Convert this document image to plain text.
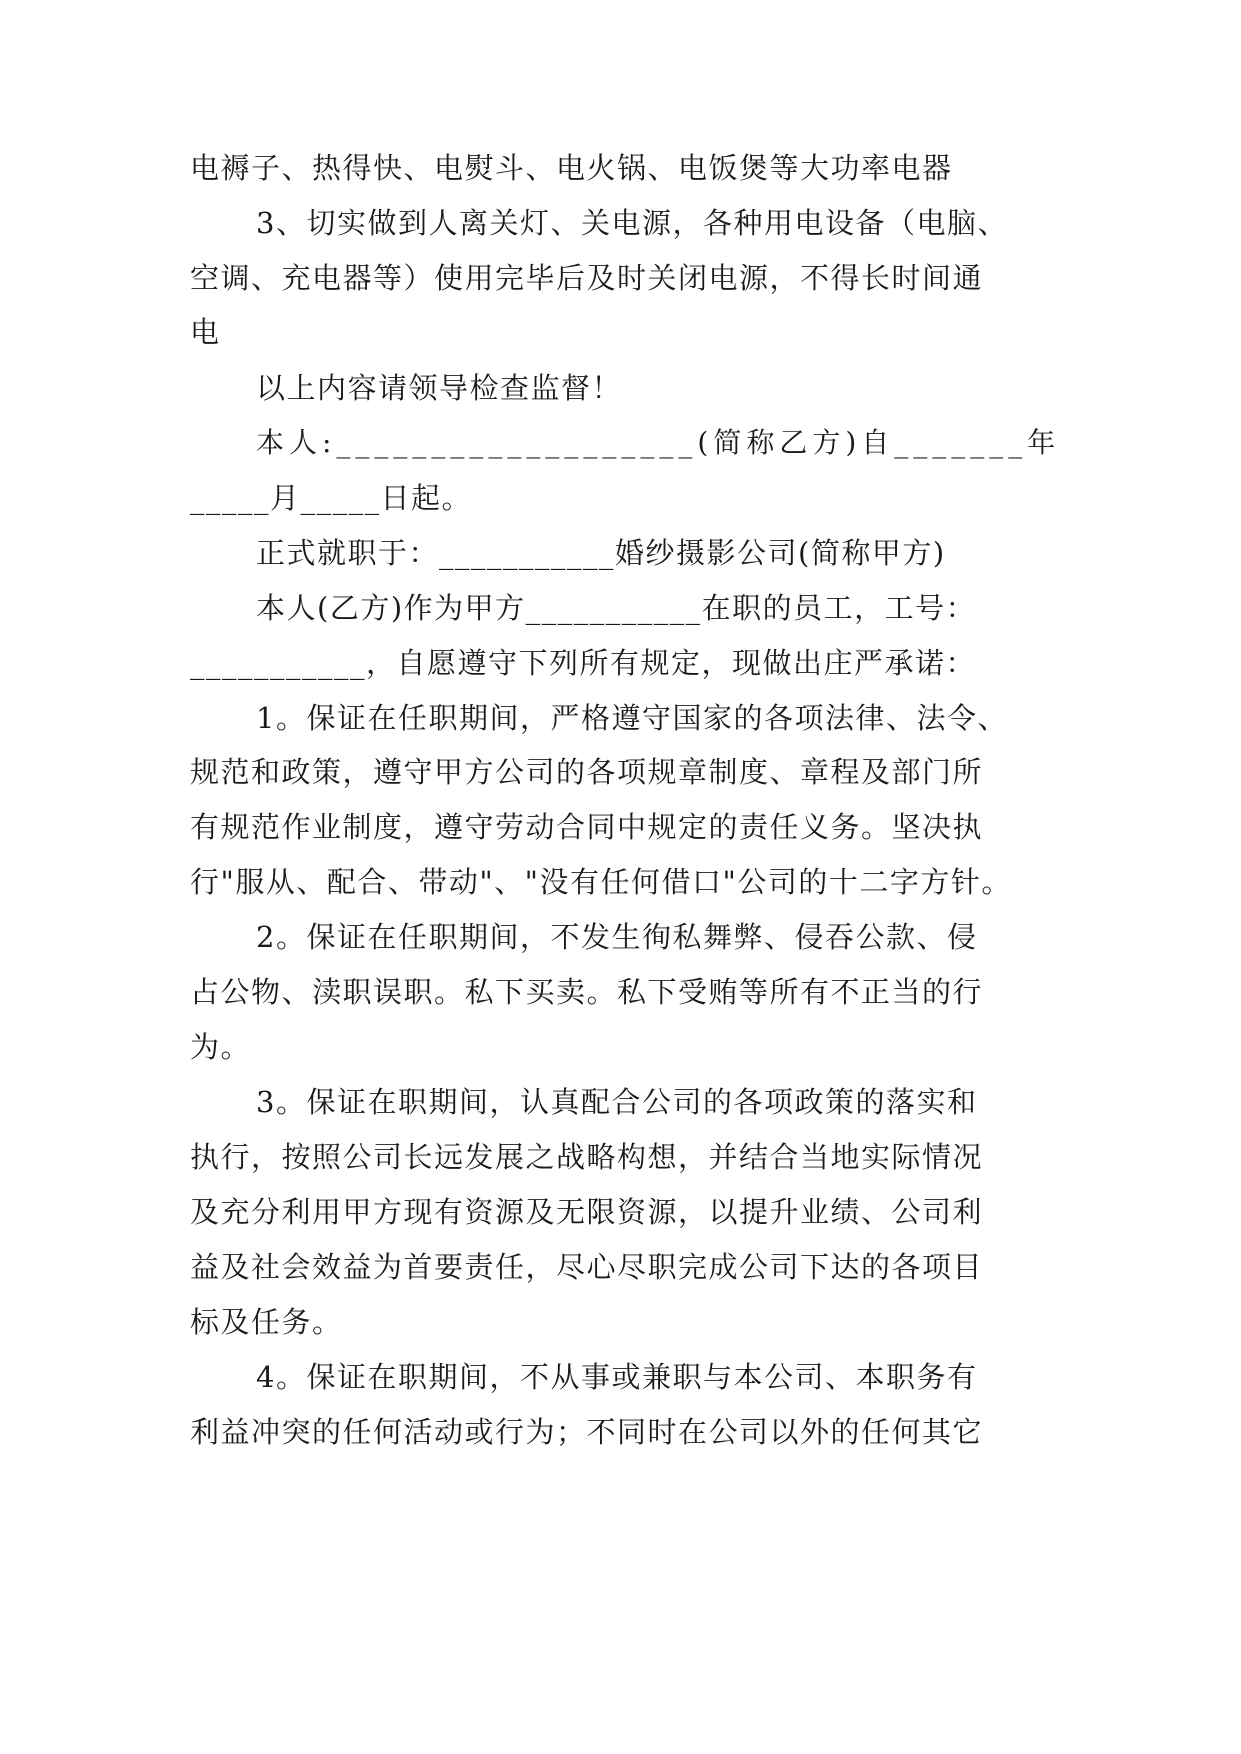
电褥子、热得快、电熨斗、电火锅、电饭煲等大功率电器
3、切实做到人离关灯、关电源，各种用电设备（电脑、
空调、充电器等）使用完毕后及时关闭电源，不得长时间通
电
以上内容请领导检查监督！
本人:___________________(简称乙方)自_______年
_____月_____日起。
正式就职于：___________婚纱摄影公司(简称甲方)
本人(乙方)作为甲方___________在职的员工，工号：
___________，自愿遵守下列所有规定，现做出庄严承诺：
1。保证在任职期间，严格遵守国家的各项法律、法令、
规范和政策，遵守甲方公司的各项规章制度、章程及部门所
有规范作业制度，遵守劳动合同中规定的责任义务。坚决执
行"服从、配合、带动"、"没有任何借口"公司的十二字方针。
2。保证在任职期间，不发生徇私舞弊、侵吞公款、侵
占公物、渎职误职。私下买卖。私下受贿等所有不正当的行
为。
3。保证在职期间，认真配合公司的各项政策的落实和
执行，按照公司长远发展之战略构想，并结合当地实际情况
及充分利用甲方现有资源及无限资源，以提升业绩、公司利
益及社会效益为首要责任，尽心尽职完成公司下达的各项目
标及任务。
4。保证在职期间，不从事或兼职与本公司、本职务有
利益冲突的任何活动或行为；不同时在公司以外的任何其它
